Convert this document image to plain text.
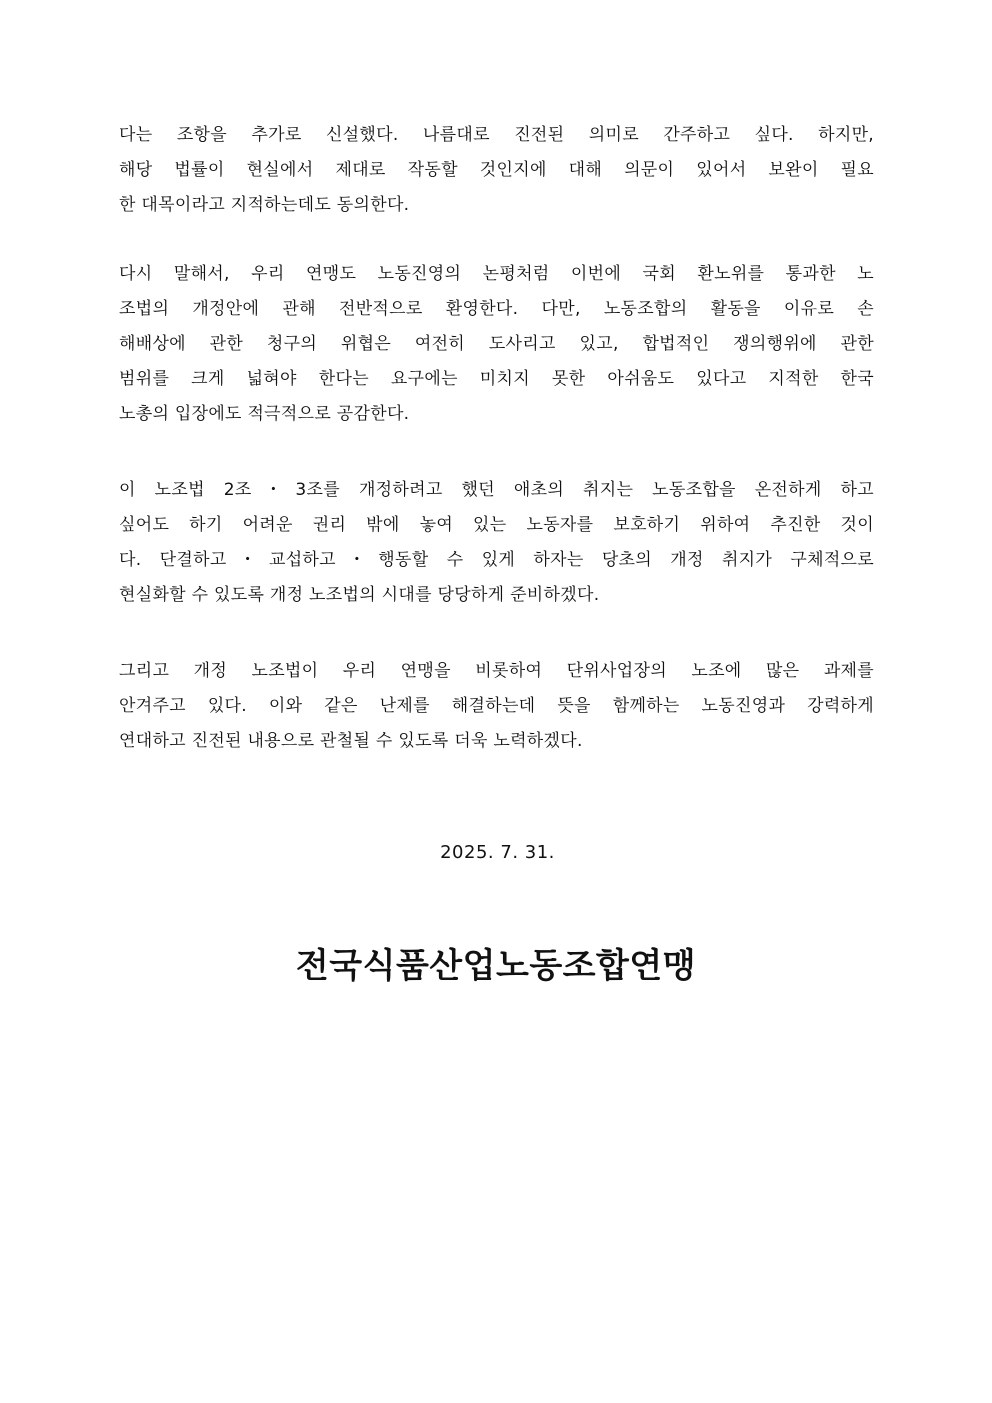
다는 조항을 추가로 신설했다. 나름대로 진전된 의미로 간주하고 싶다. 하지만,
해당 법률이 현실에서 제대로 작동할 것인지에 대해 의문이 있어서 보완이 필요
한 대목이라고 지적하는데도 동의한다.
다시 말해서, 우리 연맹도 노동진영의 논평처럼 이번에 국회 환노위를 통과한 노
조법의 개정안에 관해 전반적으로 환영한다. 다만, 노동조합의 활동을 이유로 손
해배상에 관한 청구의 위협은 여전히 도사리고 있고, 합법적인 쟁의행위에 관한
범위를 크게 넓혀야 한다는 요구에는 미치지 못한 아쉬움도 있다고 지적한 한국
노총의 입장에도 적극적으로 공감한다.
이 노조법 2조・3조를 개정하려고 했던 애초의 취지는 노동조합을 온전하게 하고
싶어도 하기 어려운 권리 밖에 놓여 있는 노동자를 보호하기 위하여 추진한 것이
다. 단결하고・교섭하고・행동할 수 있게 하자는 당초의 개정 취지가 구체적으로
현실화할 수 있도록 개정 노조법의 시대를 당당하게 준비하겠다.
그리고 개정 노조법이 우리 연맹을 비롯하여 단위사업장의 노조에 많은 과제를
안겨주고 있다. 이와 같은 난제를 해결하는데 뜻을 함께하는 노동진영과 강력하게
연대하고 진전된 내용으로 관철될 수 있도록 더욱 노력하겠다.
2025. 7. 31.
전국식품산업노동조합연맹
